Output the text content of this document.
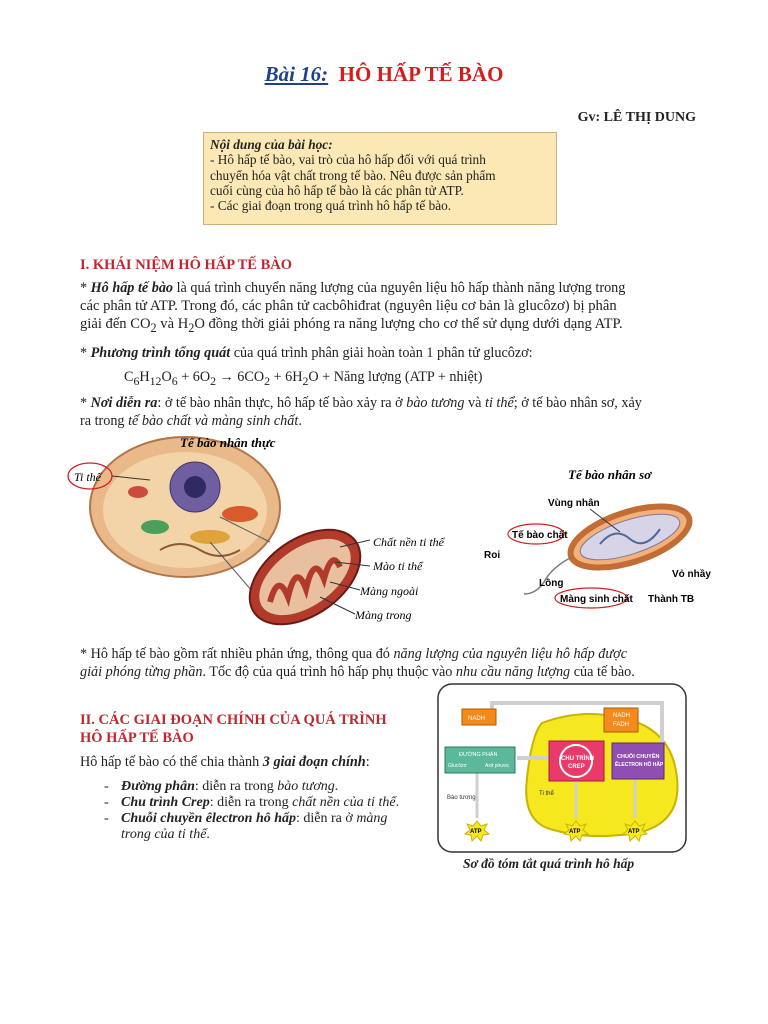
Bài 16: HÔ HẤP TẾ BÀO
Gv: LÊ THỊ DUNG
Nội dung của bài học:
- Hô hấp tế bào, vai trò của hô hấp đối với quá trình
chuyển hóa vật chất trong tế bào. Nêu được sản phẩm
cuối cùng của hô hấp tế bào là các phân tử ATP.
- Các giai đoạn trong quá trình hô hấp tế bào.
I. KHÁI NIỆM HÔ HẤP TẾ BÀO
* Hô hấp tế bào là quá trình chuyển năng lượng của nguyên liệu hô hấp thành năng lượng trong
các phân tử ATP. Trong đó, các phân tử cacbôhiđrat (nguyên liệu cơ bản là glucôzơ) bị phân
giải đến $CO_2$ và $H_2O$ đồng thời giải phóng ra năng lượng cho cơ thể sử dụng dưới dạng ATP.
* Phương trình tổng quát của quá trình phân giải hoàn toàn 1 phân tử glucôzơ:
$C_6H_{12}O_6 + 6O_2 \to 6CO_2 + 6H_2O$ + Năng lượng (ATP + nhiệt)
* Nơi diễn ra: ở tế bào nhân thực, hô hấp tế bào xảy ra ở bào tương và ti thể; ở tế bào nhân sơ, xảy
ra trong tế bào chất và màng sinh chất.
Ti thể
Tế bào nhân thực
Chất nền ti thể
Mào ti thể
Màng ngoài
Màng trong
Tế bào nhân sơ
Vùng nhân
Tế bào chất
Roi
Lông
Vỏ nhầy
Màng sinh chất Thành TB
* Hô hấp tế bào gồm rất nhiều phản ứng, thông qua đó năng lượng của nguyên liệu hô hấp được
giải phóng từng phần. Tốc độ của quá trình hô hấp phụ thuộc vào nhu cầu năng lượng của tế bào.
II. CÁC GIAI ĐOẠN CHÍNH CỦA QUÁ TRÌNH
HÔ HẤP TẾ BÀO
Hô hấp tế bào có thể chia thành 3 giai đoạn chính:
- Đường phân: diễn ra trong bào tương.
- Chu trình Crep: diễn ra trong chất nền của ti thể.
- Chuỗi chuyền êlectron hô hấp: diễn ra ở màng
trong của ti thể.
NADH	NADH
FADH
ĐƯỜNG PHÂN
Glucôzơ	Axit piruvic
CHU TRÌNH
CREP
CHUỖI CHUYỀN
ÊLECTRON HÔ HẤP
Bào tương
Ti thể
ATP	ATP	ATP
Sơ đồ tóm tắt quá trình hô hấp
